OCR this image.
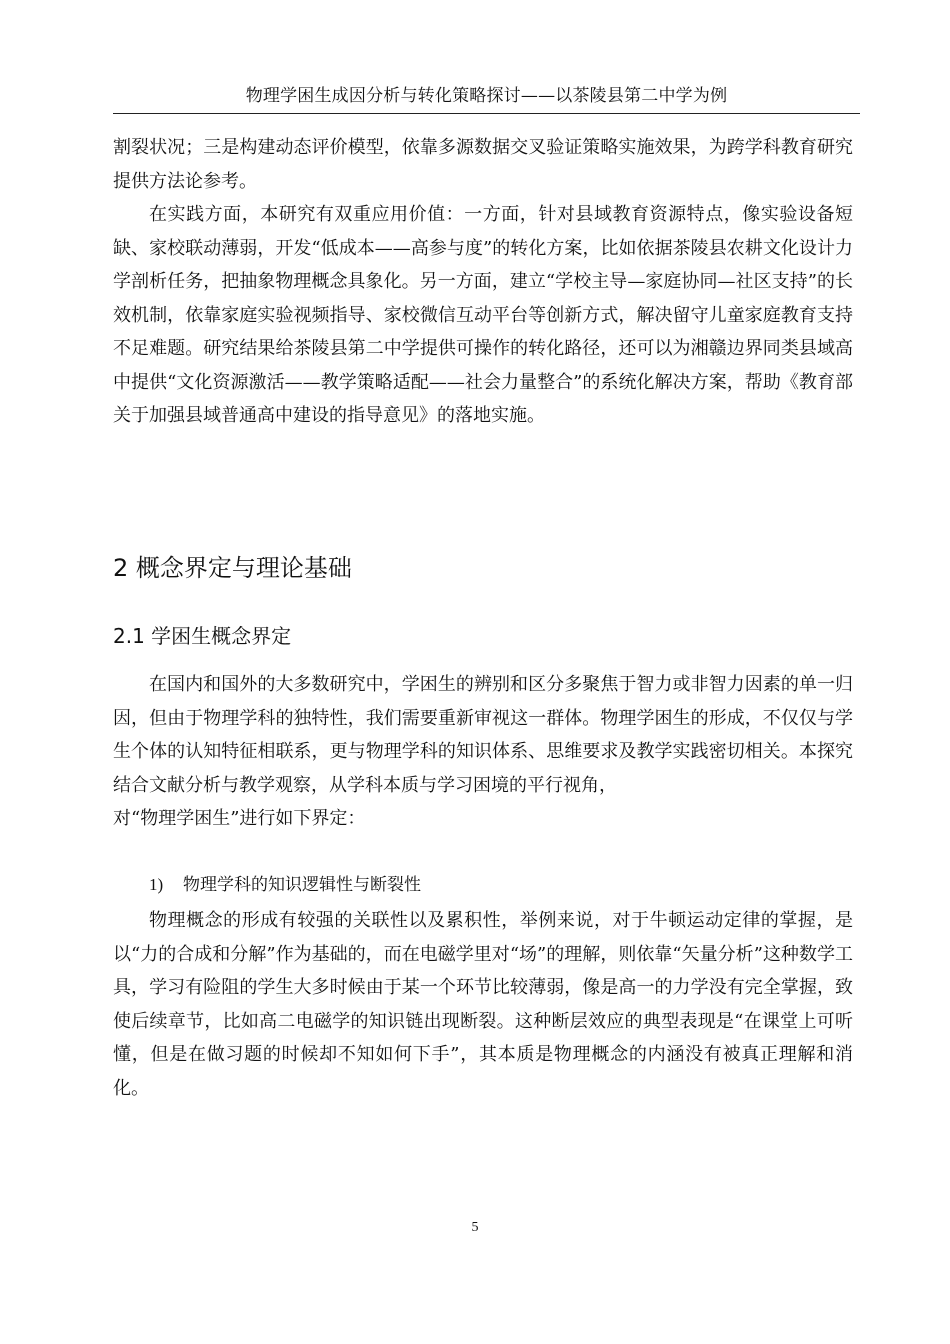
物理学困生成因分析与转化策略探讨——以茶陵县第二中学为例

割裂状况；三是构建动态评价模型，依靠多源数据交叉验证策略实施效果，为跨学科教育研究提供方法论参考。

在实践方面，本研究有双重应用价值：一方面，针对县域教育资源特点，像实验设备短缺、家校联动薄弱，开发“低成本——高参与度”的转化方案，比如依据茶陵县农耕文化设计力学剖析任务，把抽象物理概念具象化。另一方面，建立“学校主导—家庭协同—社区支持”的长效机制，依靠家庭实验视频指导、家校微信互动平台等创新方式，解决留守儿童家庭教育支持不足难题。研究结果给茶陵县第二中学提供可操作的转化路径，还可以为湘赣边界同类县域高中提供“文化资源激活——教学策略适配——社会力量整合”的系统化解决方案，帮助《教育部关于加强县域普通高中建设的指导意见》的落地实施。

2 概念界定与理论基础
2.1 学困生概念界定

在国内和国外的大多数研究中，学困生的辨别和区分多聚焦于智力或非智力因素的单一归因，但由于物理学科的独特性，我们需要重新审视这一群体。物理学困生的形成，不仅仅与学生个体的认知特征相联系，更与物理学科的知识体系、思维要求及教学实践密切相关。本探究结合文献分析与教学观察，从学科本质与学习困境的平行视角，

对“物理学困生”进行如下界定：

1) 物理学科的知识逻辑性与断裂性

物理概念的形成有较强的关联性以及累积性，举例来说，对于牛顿运动定律的掌握，是以“力的合成和分解”作为基础的，而在电磁学里对“场”的理解，则依靠“矢量分析”这种数学工具，学习有险阻的学生大多时候由于某一个环节比较薄弱，像是高一的力学没有完全掌握，致使后续章节，比如高二电磁学的知识链出现断裂。这种断层效应的典型表现是“在课堂上可听懂，但是在做习题的时候却不知如何下手”，其本质是物理概念的内涵没有被真正理解和消化。

5
